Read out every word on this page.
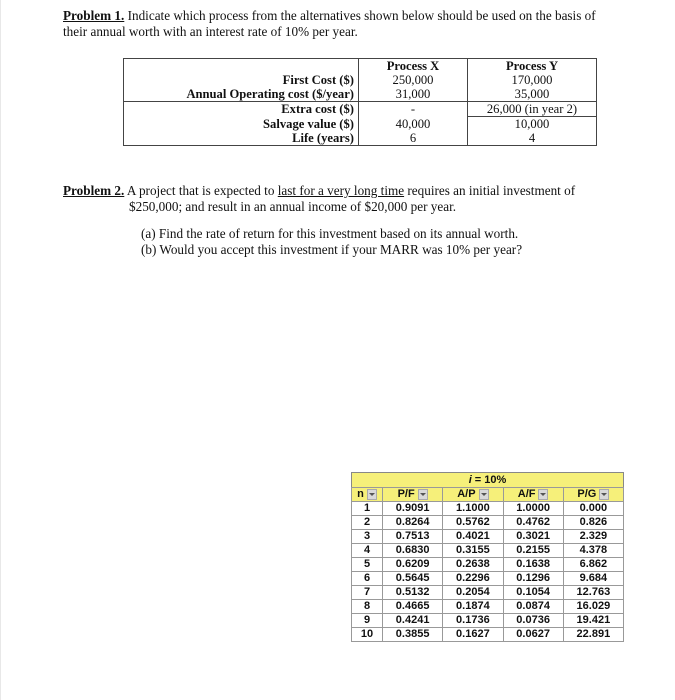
Problem 1. Indicate which process from the alternatives shown below should be used on the basis of
their annual worth with an interest rate of 10% per year.
	Process X	Process Y
First Cost ($)	250,000	170,000
Annual Operating cost ($/year)	31,000	35,000
Extra cost ($)	-	26,000 (in year 2)
Salvage value ($)	40,000	10,000
Life (years)	6	4
Problem 2. A project that is expected to last for a very long time requires an initial investment of
$250,000; and result in an annual income of $20,000 per year.
(a) Find the rate of return for this investment based on its annual worth.
(b) Would you accept this investment if your MARR was 10% per year?
i = 10%
n	P/F	A/P	A/F	P/G
1	0.9091	1.1000	1.0000	0.000
2	0.8264	0.5762	0.4762	0.826
3	0.7513	0.4021	0.3021	2.329
4	0.6830	0.3155	0.2155	4.378
5	0.6209	0.2638	0.1638	6.862
6	0.5645	0.2296	0.1296	9.684
7	0.5132	0.2054	0.1054	12.763
8	0.4665	0.1874	0.0874	16.029
9	0.4241	0.1736	0.0736	19.421
10	0.3855	0.1627	0.0627	22.891
